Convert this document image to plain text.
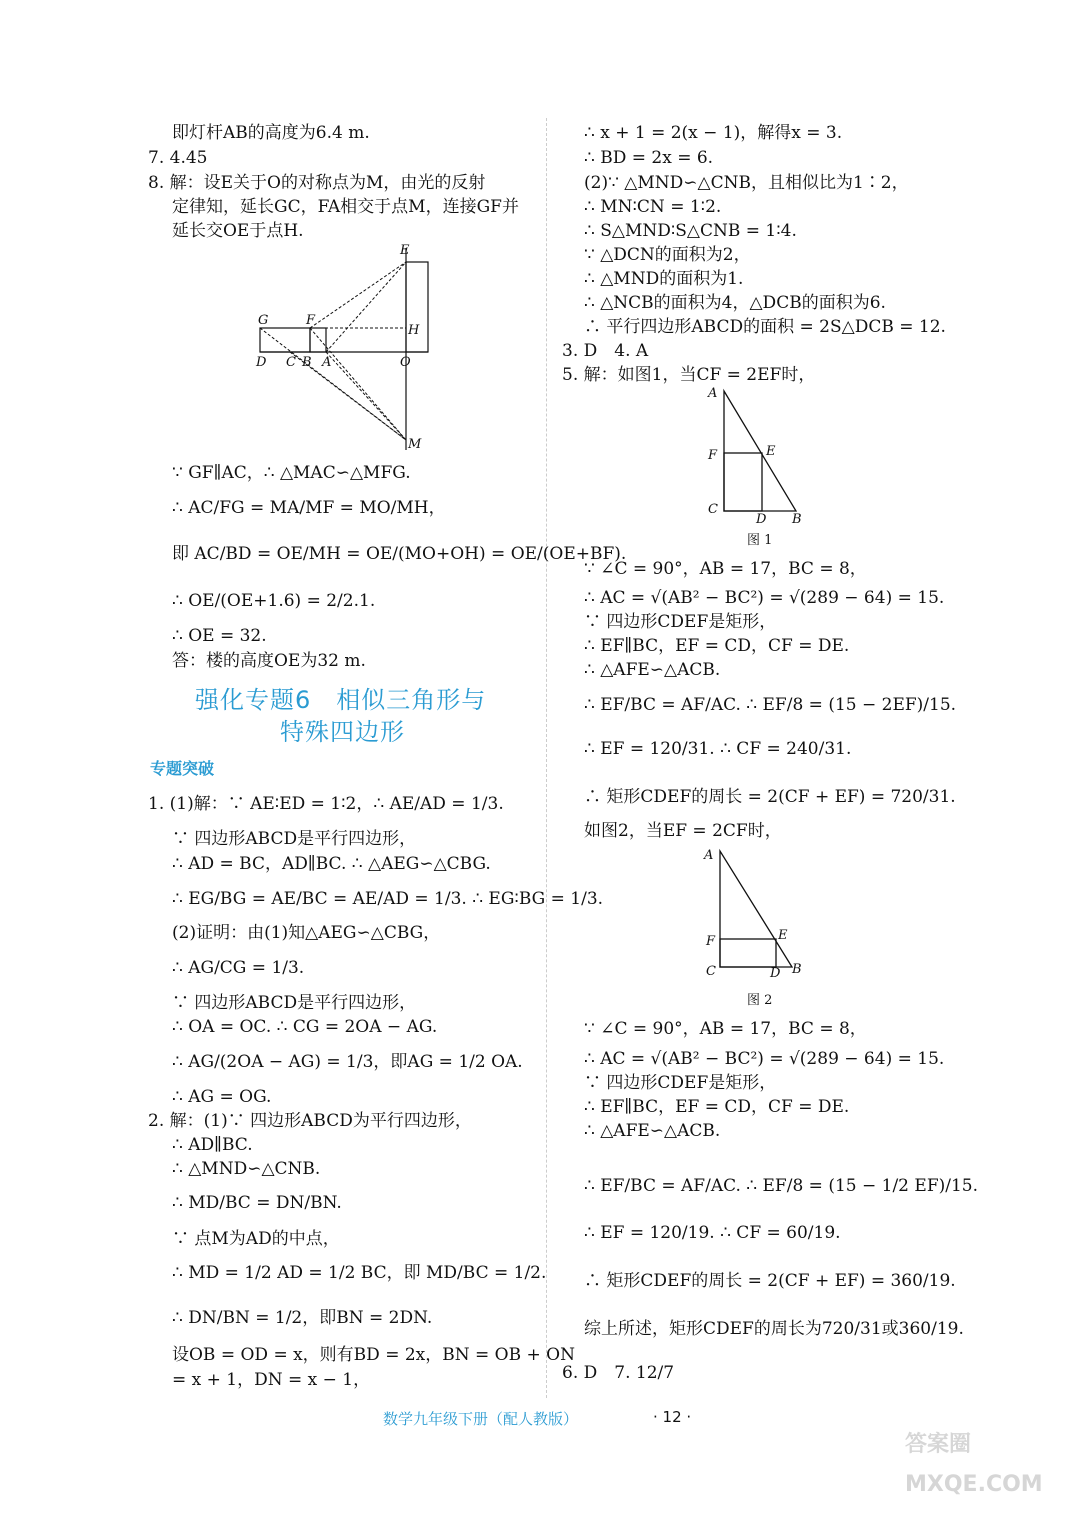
即灯杆AB的高度为6.4 m.
7. 4.45
8. 解：设E关于O的对称点为M，由光的反射
定律知，延长GC，FA相交于点M，连接GF并
延长交OE于点H.
E
G	F
H
D C B A	O
M
∵ GF∥AC，∴ △MAC∽△MFG.
∴ AC/FG = MA/MF = MO/MH，
即 AC/BD = OE/MH = OE/(MO+OH) = OE/(OE+BF).
∴ OE/(OE+1.6) = 2/2.1.
∴ OE = 32.
答：楼的高度OE为32 m.
强化专题6　相似三角形与
特殊四边形
专题突破
1. (1)解：∵ AE∶ED = 1∶2，∴ AE/AD = 1/3.
∵ 四边形ABCD是平行四边形，
∴ AD = BC，AD∥BC. ∴ △AEG∽△CBG.
∴ EG/BG = AE/BC = AE/AD = 1/3. ∴ EG∶BG = 1/3.
(2)证明：由(1)知△AEG∽△CBG，
∴ AG/CG = 1/3.
∵ 四边形ABCD是平行四边形，
∴ OA = OC. ∴ CG = 2OA − AG.
∴ AG/(2OA − AG) = 1/3，即AG = 1/2 OA.
∴ AG = OG.
2. 解：(1)∵ 四边形ABCD为平行四边形，
∴ AD∥BC.
∴ △MND∽△CNB.
∴ MD/BC = DN/BN.
∵ 点M为AD的中点，
∴ MD = 1/2 AD = 1/2 BC，即 MD/BC = 1/2.
∴ DN/BN = 1/2，即BN = 2DN.
设OB = OD = x，则有BD = 2x，BN = OB + ON
= x + 1，DN = x − 1，
∴ x + 1 = 2(x − 1)，解得x = 3.
∴ BD = 2x = 6.
(2)∵ △MND∽△CNB，且相似比为1∶2，
∴ MN∶CN = 1∶2.
∴ S△MND∶S△CNB = 1∶4.
∵ △DCN的面积为2，
∴ △MND的面积为1.
∴ △NCB的面积为4，△DCB的面积为6.
∴ 平行四边形ABCD的面积 = 2S△DCB = 12.
3. D　4. A
5. 解：如图1，当CF = 2EF时，
A
F	E
C
D B
图 1
∵ ∠C = 90°，AB = 17，BC = 8，
∴ AC = √(AB² − BC²) = √(289 − 64) = 15.
∵ 四边形CDEF是矩形，
∴ EF∥BC，EF = CD，CF = DE.
∴ △AFE∽△ACB.
∴ EF/BC = AF/AC. ∴ EF/8 = (15 − 2EF)/15.
∴ EF = 120/31. ∴ CF = 240/31.
∴ 矩形CDEF的周长 = 2(CF + EF) = 720/31.
如图2，当EF = 2CF时，
A
F	E
C	D B
图 2
∵ ∠C = 90°，AB = 17，BC = 8，
∴ AC = √(AB² − BC²) = √(289 − 64) = 15.
∵ 四边形CDEF是矩形，
∴ EF∥BC，EF = CD，CF = DE.
∴ △AFE∽△ACB.
∴ EF/BC = AF/AC. ∴ EF/8 = (15 − 1/2 EF)/15.
∴ EF = 120/19. ∴ CF = 60/19.
∴ 矩形CDEF的周长 = 2(CF + EF) = 360/19.
综上所述，矩形CDEF的周长为720/31或360/19.
6. D　7. 12/7
数学九年级下册（配人教版）	· 12 ·
答案圈 MXQE.COM
